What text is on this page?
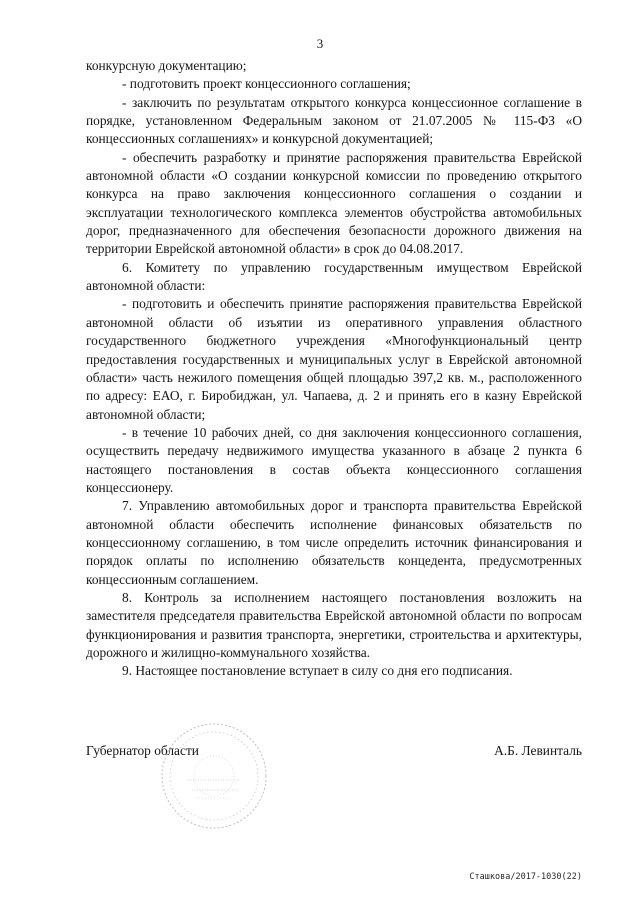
3

конкурсную документацию;

- подготовить проект концессионного соглашения;

- заключить по результатам открытого конкурса концессионное соглашение в порядке, установленном Федеральным законом от 21.07.2005 № 115-ФЗ «О концессионных соглашениях» и конкурсной документацией;

- обеспечить разработку и принятие распоряжения правительства Еврейской автономной области «О создании конкурсной комиссии по проведению открытого конкурса на право заключения концессионного соглашения о создании и эксплуатации технологического комплекса элементов обустройства автомобильных дорог, предназначенного для обеспечения безопасности дорожного движения на территории Еврейской автономной области» в срок до 04.08.2017.

6. Комитету по управлению государственным имуществом Еврейской автономной области:

- подготовить и обеспечить принятие распоряжения правительства Еврейской автономной области об изъятии из оперативного управления областного государственного бюджетного учреждения «Многофункциональный центр предоставления государственных и муниципальных услуг в Еврейской автономной области» часть нежилого помещения общей площадью 397,2 кв. м., расположенного по адресу: ЕАО, г. Биробиджан, ул. Чапаева, д. 2 и принять его в казну Еврейской автономной области;

- в течение 10 рабочих дней, со дня заключения концессионного соглашения, осуществить передачу недвижимого имущества указанного в абзаце 2 пункта 6 настоящего постановления в состав объекта концессионного соглашения концессионеру.

7. Управлению автомобильных дорог и транспорта правительства Еврейской автономной области обеспечить исполнение финансовых обязательств по концессионному соглашению, в том числе определить источник финансирования и порядок оплаты по исполнению обязательств концедента, предусмотренных концессионным соглашением.

8. Контроль за исполнением настоящего постановления возложить на заместителя председателя правительства Еврейской автономной области по вопросам функционирования и развития транспорта, энергетики, строительства и архитектуры, дорожного и жилищно-коммунального хозяйства.

9. Настоящее постановление вступает в силу со дня его подписания.

Губернатор области	А.Б. Левинталь
Сташкова/2017-1030(22)
